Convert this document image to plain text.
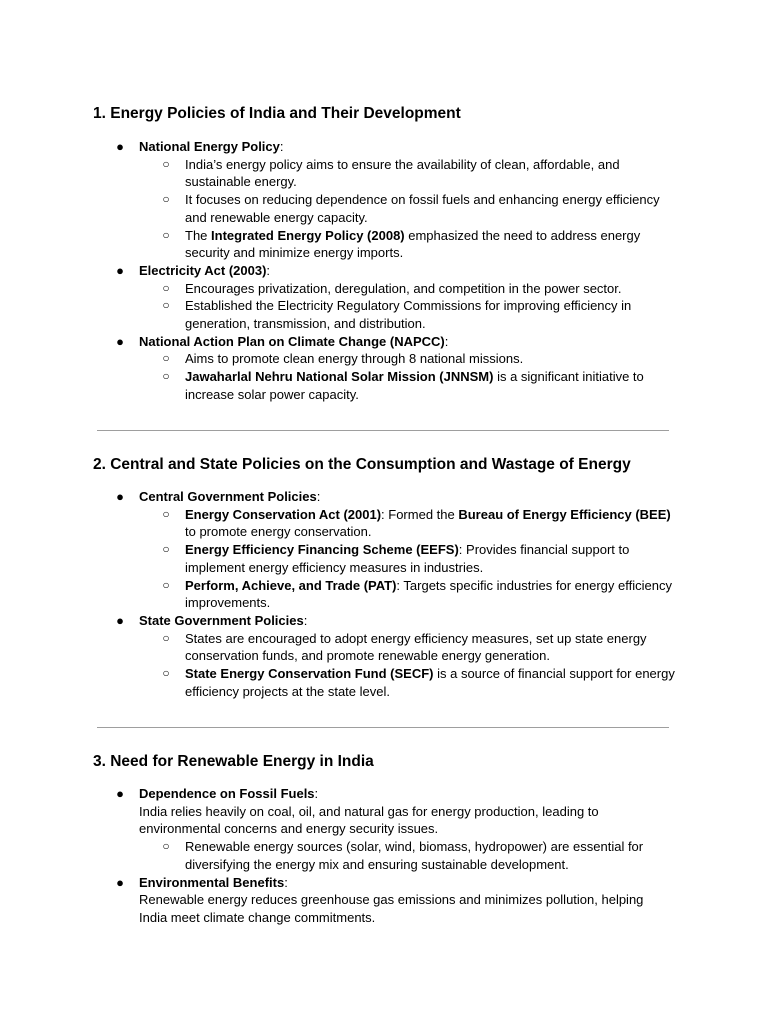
1. Energy Policies of India and Their Development
● National Energy Policy:
○ India’s energy policy aims to ensure the availability of clean, affordable, and sustainable energy.
○ It focuses on reducing dependence on fossil fuels and enhancing energy efficiency and renewable energy capacity.
○ The Integrated Energy Policy (2008) emphasized the need to address energy security and minimize energy imports.
● Electricity Act (2003):
○ Encourages privatization, deregulation, and competition in the power sector.
○ Established the Electricity Regulatory Commissions for improving efficiency in generation, transmission, and distribution.
● National Action Plan on Climate Change (NAPCC):
○ Aims to promote clean energy through 8 national missions.
○ Jawaharlal Nehru National Solar Mission (JNNSM) is a significant initiative to increase solar power capacity.
2. Central and State Policies on the Consumption and Wastage of Energy
● Central Government Policies:
○ Energy Conservation Act (2001): Formed the Bureau of Energy Efficiency (BEE) to promote energy conservation.
○ Energy Efficiency Financing Scheme (EEFS): Provides financial support to implement energy efficiency measures in industries.
○ Perform, Achieve, and Trade (PAT): Targets specific industries for energy efficiency improvements.
● State Government Policies:
○ States are encouraged to adopt energy efficiency measures, set up state energy conservation funds, and promote renewable energy generation.
○ State Energy Conservation Fund (SECF) is a source of financial support for energy efficiency projects at the state level.
3. Need for Renewable Energy in India
● Dependence on Fossil Fuels:
India relies heavily on coal, oil, and natural gas for energy production, leading to environmental concerns and energy security issues.
○ Renewable energy sources (solar, wind, biomass, hydropower) are essential for diversifying the energy mix and ensuring sustainable development.
● Environmental Benefits:
Renewable energy reduces greenhouse gas emissions and minimizes pollution, helping India meet climate change commitments.
